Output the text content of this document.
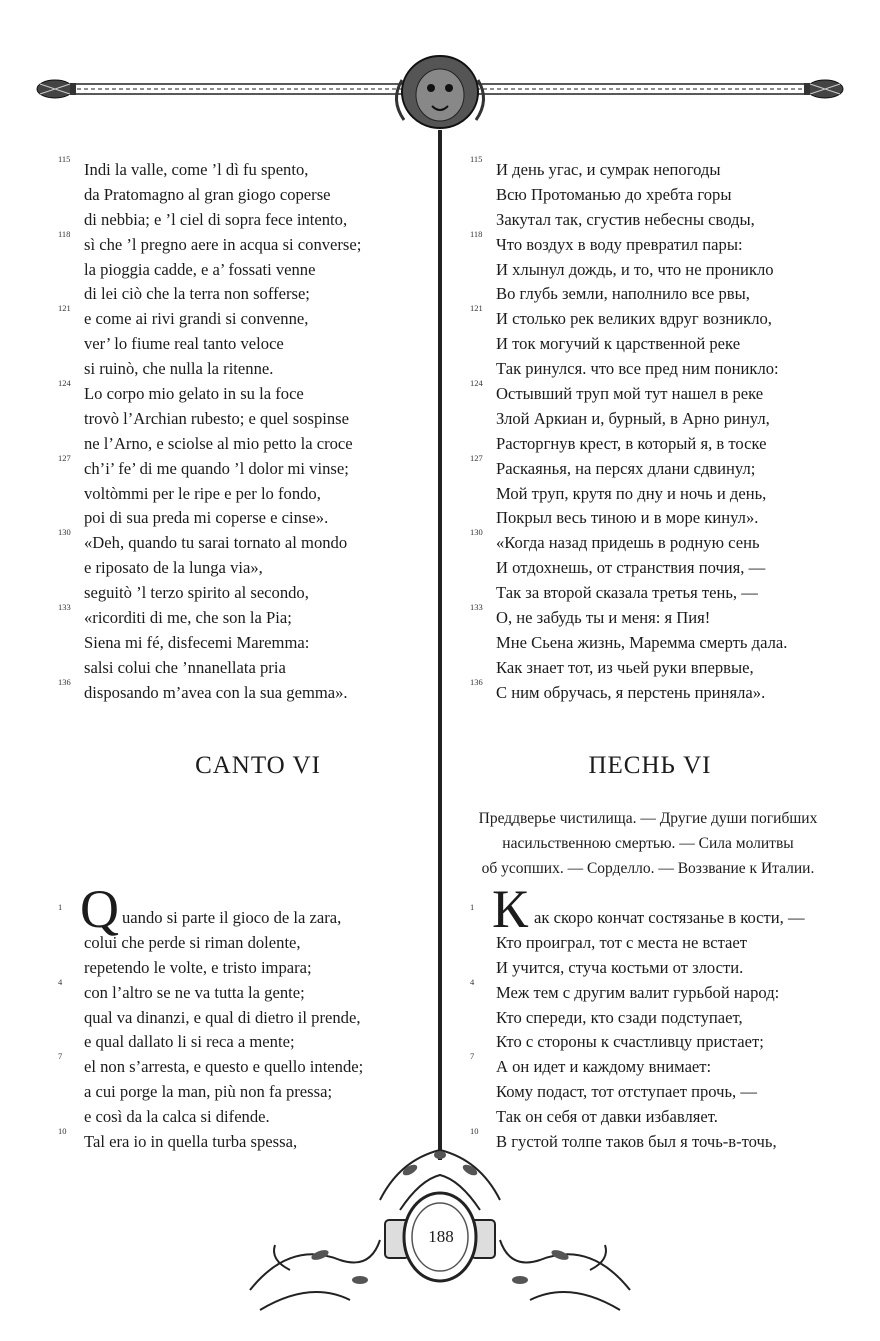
115
Indi la valle, come ’l dì fu spento,
da Pratomagno al gran giogo coperse
di nebbia; e ’l ciel di sopra fece intento,
118
sì che ’l pregno aere in acqua si converse;
la pioggia cadde, e a’ fossati venne
di lei ciò che la terra non sofferse;
121
e come ai rivi grandi si convenne,
ver’ lo fiume real tanto veloce
si ruinò, che nulla la ritenne.
124
Lo corpo mio gelato in su la foce
trovò l’Archian rubesto; e quel sospinse
ne l’Arno, e sciolse al mio petto la croce
127
ch’i’ fe’ di me quando ’l dolor mi vinse;
voltòmmi per le ripe e per lo fondo,
poi di sua preda mi coperse e cinse».
130
«Deh, quando tu sarai tornato al mondo
e riposato de la lunga via»,
seguitò ’l terzo spirito al secondo,
133
«ricorditi di me, che son la Pia;
Siena mi fé, disfecemi Maremma:
salsi colui che ’nnanellata pria
136
disposando m’avea con la sua gemma».
115
И день угас, и сумрак непогоды
Всю Протоманью до хребта горы
Закутал так, сгустив небесны своды,
118
Что воздух в воду превратил пары:
И хлынул дождь, и то, что не проникло
Во глубь земли, наполнило все рвы,
121
И столько рек великих вдруг возникло,
И ток могучий к царственной реке
Так ринулся. что все пред ним поникло:
124
Остывший труп мой тут нашел в реке
Злой Аркиан и, бурный, в Арно ринул,
Расторгнув крест, в который я, в тоске
127
Раскаянья, на персях длани сдвинул;
Мой труп, крутя по дну и ночь и день,
Покрыл весь тиною и в море кинул».
130
«Когда назад придешь в родную сень
И отдохнешь, от странствия почия, —
Так за второй сказала третья тень, —
133
О, не забудь ты и меня: я Пия!
Мне Сьена жизнь, Маремма смерть дала.
Как знает тот, из чьей руки впервые,
136
С ним обручась, я перстень приняла».
CANTO VI	ПЕСНЬ VI
Преддверье чистилища. — Другие души погибших
насильственною смертью. — Сила молитвы
об усопших. — Сорделло. — Воззвание к Италии.
1 Q uando si parte il gioco de la zara,
colui che perde si riman dolente,
repetendo le volte, e tristo impara;
4
con l’altro se ne va tutta la gente;
qual va dinanzi, e qual di dietro il prende,
e qual dallato li si reca a mente;
7
el non s’arresta, e questo e quello intende;
a cui porge la man, più non fa pressa;
e così da la calca si difende.
10
Tal era io in quella turba spessa,
1 К ак скоро кончат состязанье в кости, —
Кто проиграл, тот с места не встает
И учится, стуча костьми от злости.
4
Меж тем с другим валит гурьбой народ:
Кто спереди, кто сзади подступает,
Кто с стороны к счастливцу пристает;
7
А он идет и каждому внимает:
Кому подаст, тот отступает прочь, —
Так он себя от давки избавляет.
10
В густой толпе таков был я точь-в-точь,
188
